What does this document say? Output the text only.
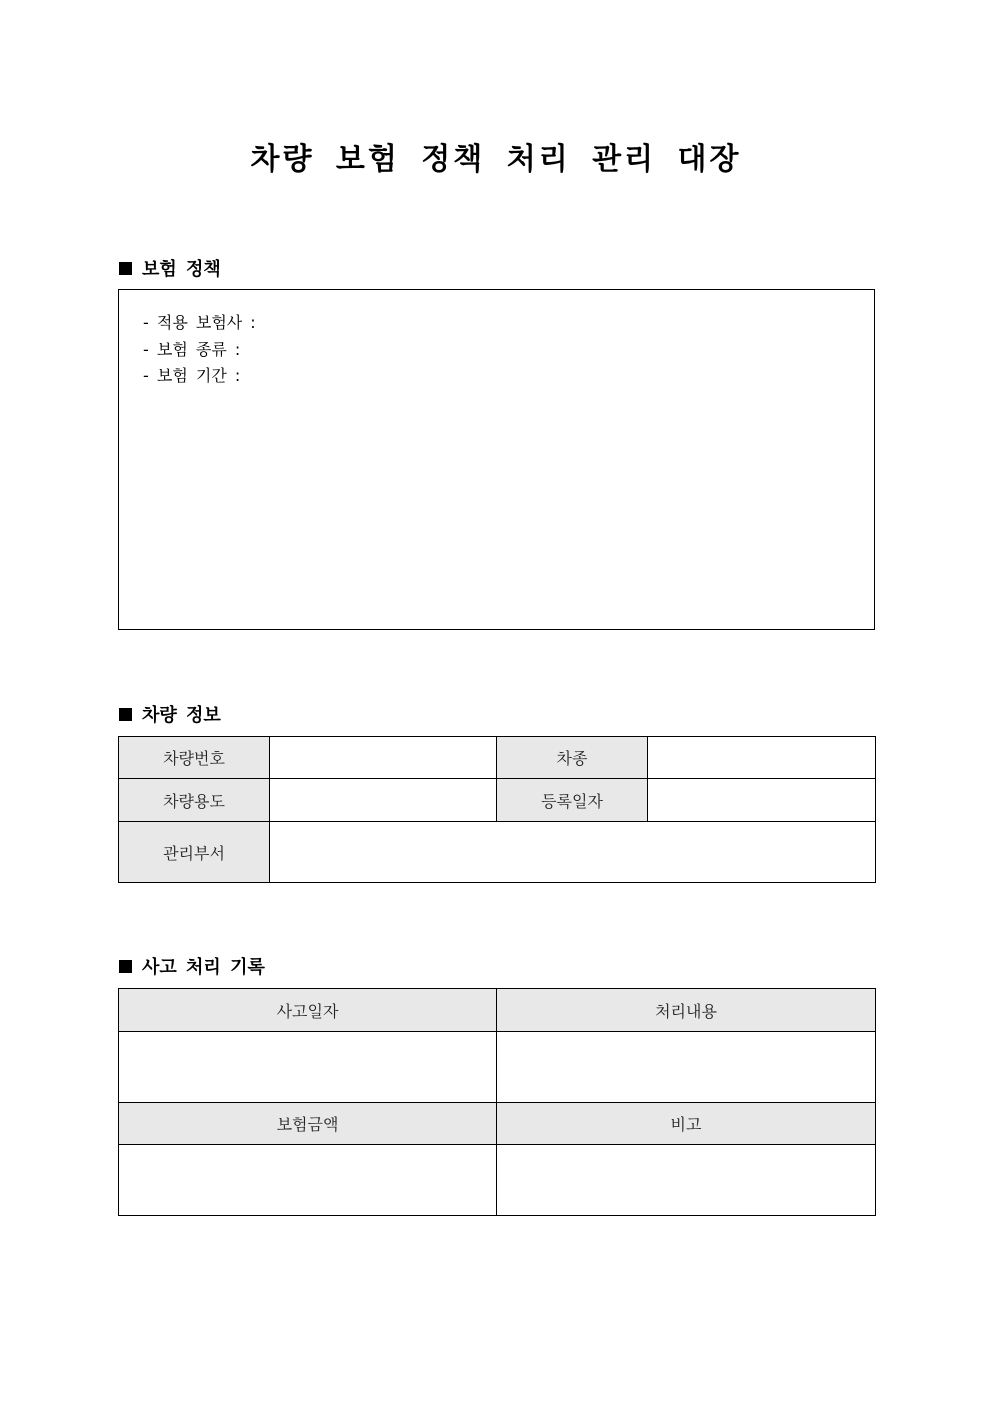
차량 보험 정책 처리 관리 대장
보험 정책
- 적용 보험사 :
- 보험 종류 :
- 보험 기간 :
차량 정보
차량번호		차종	
차량용도		등록일자	
관리부서			
사고 처리 기록
사고일자	처리내용

보험금액	비고
